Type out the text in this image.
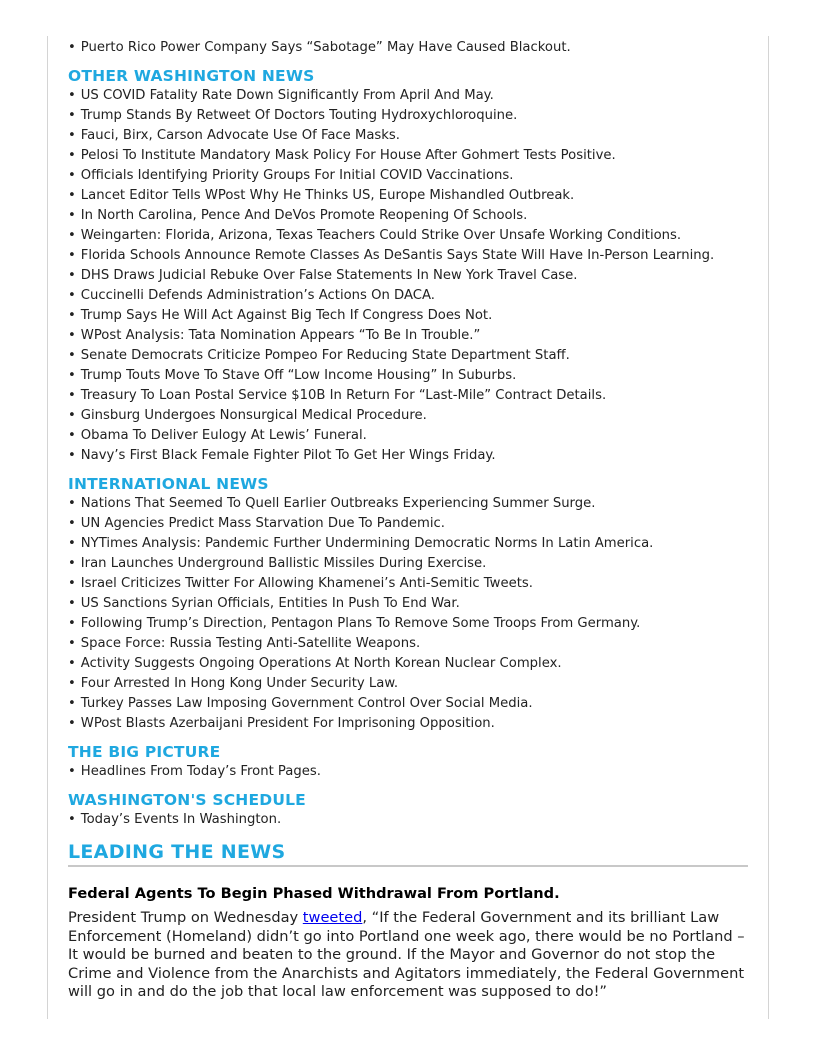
• Puerto Rico Power Company Says “Sabotage” May Have Caused Blackout.
OTHER WASHINGTON NEWS
• US COVID Fatality Rate Down Significantly From April And May.
• Trump Stands By Retweet Of Doctors Touting Hydroxychloroquine.
• Fauci, Birx, Carson Advocate Use Of Face Masks.
• Pelosi To Institute Mandatory Mask Policy For House After Gohmert Tests Positive.
• Officials Identifying Priority Groups For Initial COVID Vaccinations.
• Lancet Editor Tells WPost Why He Thinks US, Europe Mishandled Outbreak.
• In North Carolina, Pence And DeVos Promote Reopening Of Schools.
• Weingarten: Florida, Arizona, Texas Teachers Could Strike Over Unsafe Working Conditions.
• Florida Schools Announce Remote Classes As DeSantis Says State Will Have In-Person Learning.
• DHS Draws Judicial Rebuke Over False Statements In New York Travel Case.
• Cuccinelli Defends Administration’s Actions On DACA.
• Trump Says He Will Act Against Big Tech If Congress Does Not.
• WPost Analysis: Tata Nomination Appears “To Be In Trouble.”
• Senate Democrats Criticize Pompeo For Reducing State Department Staff.
• Trump Touts Move To Stave Off “Low Income Housing” In Suburbs.
• Treasury To Loan Postal Service $10B In Return For “Last-Mile” Contract Details.
• Ginsburg Undergoes Nonsurgical Medical Procedure.
• Obama To Deliver Eulogy At Lewis’ Funeral.
• Navy’s First Black Female Fighter Pilot To Get Her Wings Friday.
INTERNATIONAL NEWS
• Nations That Seemed To Quell Earlier Outbreaks Experiencing Summer Surge.
• UN Agencies Predict Mass Starvation Due To Pandemic.
• NYTimes Analysis: Pandemic Further Undermining Democratic Norms In Latin America.
• Iran Launches Underground Ballistic Missiles During Exercise.
• Israel Criticizes Twitter For Allowing Khamenei’s Anti-Semitic Tweets.
• US Sanctions Syrian Officials, Entities In Push To End War.
• Following Trump’s Direction, Pentagon Plans To Remove Some Troops From Germany.
• Space Force: Russia Testing Anti-Satellite Weapons.
• Activity Suggests Ongoing Operations At North Korean Nuclear Complex.
• Four Arrested In Hong Kong Under Security Law.
• Turkey Passes Law Imposing Government Control Over Social Media.
• WPost Blasts Azerbaijani President For Imprisoning Opposition.
THE BIG PICTURE
• Headlines From Today’s Front Pages.
WASHINGTON'S SCHEDULE
• Today’s Events In Washington.
LEADING THE NEWS
Federal Agents To Begin Phased Withdrawal From Portland.

President Trump on Wednesday tweeted, “If the Federal Government and its brilliant Law Enforcement (Homeland) didn’t go into Portland one week ago, there would be no Portland – It would be burned and beaten to the ground. If the Mayor and Governor do not stop the Crime and Violence from the Anarchists and Agitators immediately, the Federal Government will go in and do the job that local law enforcement was supposed to do!”
